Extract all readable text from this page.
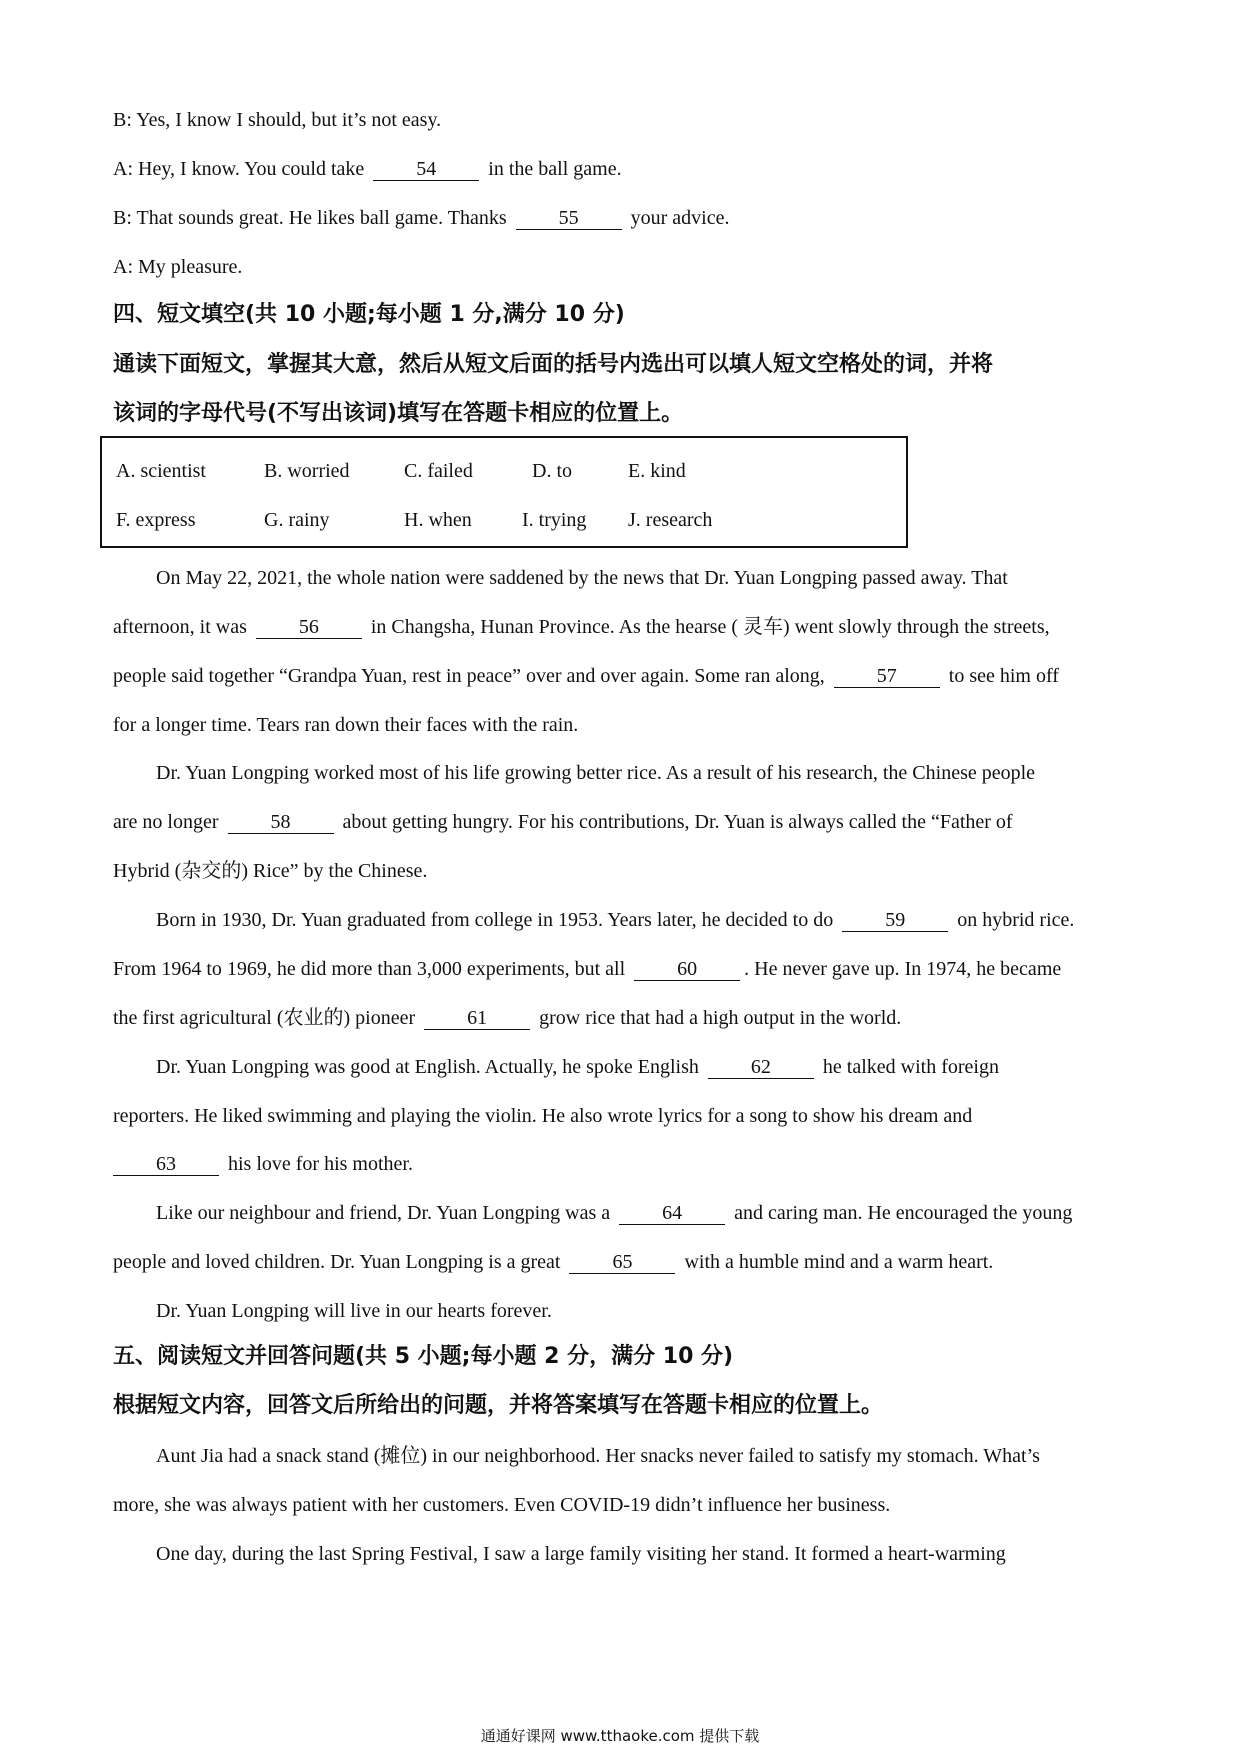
B: Yes, I know I should, but it’s not easy.
A: Hey, I know. You could take	54	in the ball game.
B: That sounds great. He likes ball game. Thanks	55	your advice.
A: My pleasure.
四、短文填空(共 10 小题;每小题 1 分,满分 10 分)
通读下面短文，掌握其大意，然后从短文后面的括号内选出可以填人短文空格处的词，并将
该词的字母代号(不写出该词)填写在答题卡相应的位置上。
A. scientist	B. worried	C. failed	D. to	E. kind
F. express	G. rainy	H. when	I. trying J. research
On May 22, 2021, the whole nation were saddened by the news that Dr. Yuan Longping passed away. That
afternoon, it was	56	in Changsha, Hunan Province. As the hearse ( 灵车) went slowly through the streets,
people said together “Grandpa Yuan, rest in peace” over and over again. Some ran along,	57	to see him off
for a longer time. Tears ran down their faces with the rain.
Dr. Yuan Longping worked most of his life growing better rice. As a result of his research, the Chinese people
are no longer	58	about getting hungry. For his contributions, Dr. Yuan is always called the “Father of
Hybrid (杂交的) Rice” by the Chinese.
Born in 1930, Dr. Yuan graduated from college in 1953. Years later, he decided to do	59	on hybrid rice.
From 1964 to 1969, he did more than 3,000 experiments, but all	60 . He never gave up. In 1974, he became
the first agricultural (农业的) pioneer	61	grow rice that had a high output in the world.
Dr. Yuan Longping was good at English. Actually, he spoke English	62	he talked with foreign
reporters. He liked swimming and playing the violin. He also wrote lyrics for a song to show his dream and
63	his love for his mother.
Like our neighbour and friend, Dr. Yuan Longping was a	64	and caring man. He encouraged the young
people and loved children. Dr. Yuan Longping is a great	65	with a humble mind and a warm heart.
Dr. Yuan Longping will live in our hearts forever.
五、阅读短文并回答问题(共 5 小题;每小题 2 分，满分 10 分)
根据短文内容，回答文后所给出的问题，并将答案填写在答题卡相应的位置上。
Aunt Jia had a snack stand (摊位) in our neighborhood. Her snacks never failed to satisfy my stomach. What’s
more, she was always patient with her customers. Even COVID-19 didn’t influence her business.
One day, during the last Spring Festival, I saw a large family visiting her stand. It formed a heart-warming
通通好课网 www.tthaoke.com 提供下载
